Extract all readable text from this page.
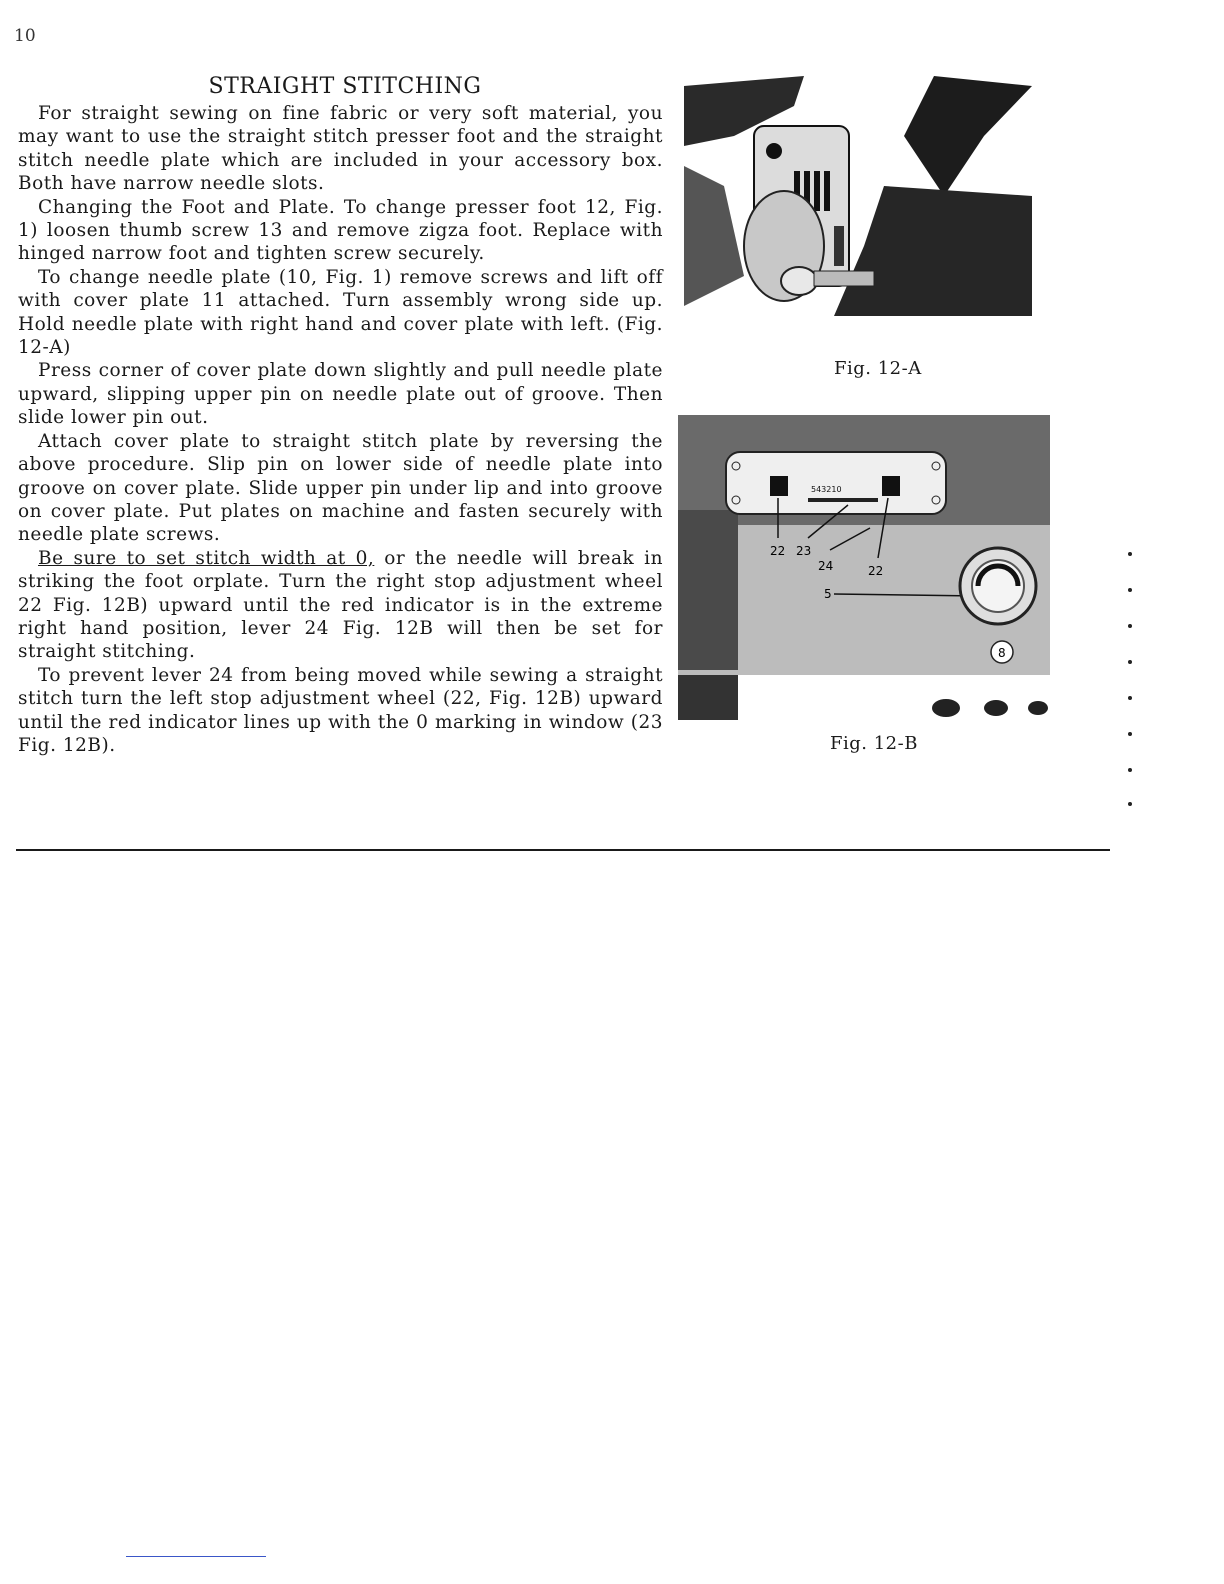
10
STRAIGHT STITCHING

For straight sewing on fine fabric or very soft material, you may want to use the straight stitch presser foot and the straight stitch needle plate which are included in your accessory box. Both have narrow needle slots.

Changing the Foot and Plate. To change presser foot 12, Fig. 1) loosen thumb screw 13 and remove zigza foot. Replace with hinged narrow foot and tighten screw securely.

To change needle plate (10, Fig. 1) remove screws and lift off with cover plate 11 attached. Turn assembly wrong side up. Hold needle plate with right hand and cover plate with left. (Fig. 12-A)

Press corner of cover plate down slightly and pull needle plate upward, slipping upper pin on needle plate out of groove. Then slide lower pin out.

Attach cover plate to straight stitch plate by reversing the above procedure. Slip pin on lower side of needle plate into groove on cover plate. Slide upper pin under lip and into groove on cover plate. Put plates on machine and fasten securely with needle plate screws.

Be sure to set stitch width at 0, or the needle will break in striking the foot orplate. Turn the right stop adjustment wheel 22 Fig. 12B) upward until the red indicator is in the extreme right hand position, lever 24 Fig. 12B will then be set for straight stitching.

To prevent lever 24 from being moved while sewing a straight stitch turn the left stop adjustment wheel (22, Fig. 12B) upward until the red indicator lines up with the 0 marking in window (23 Fig. 12B).

Fig. 12-A
543210
22 23
24	22
5
8
Fig. 12-B
